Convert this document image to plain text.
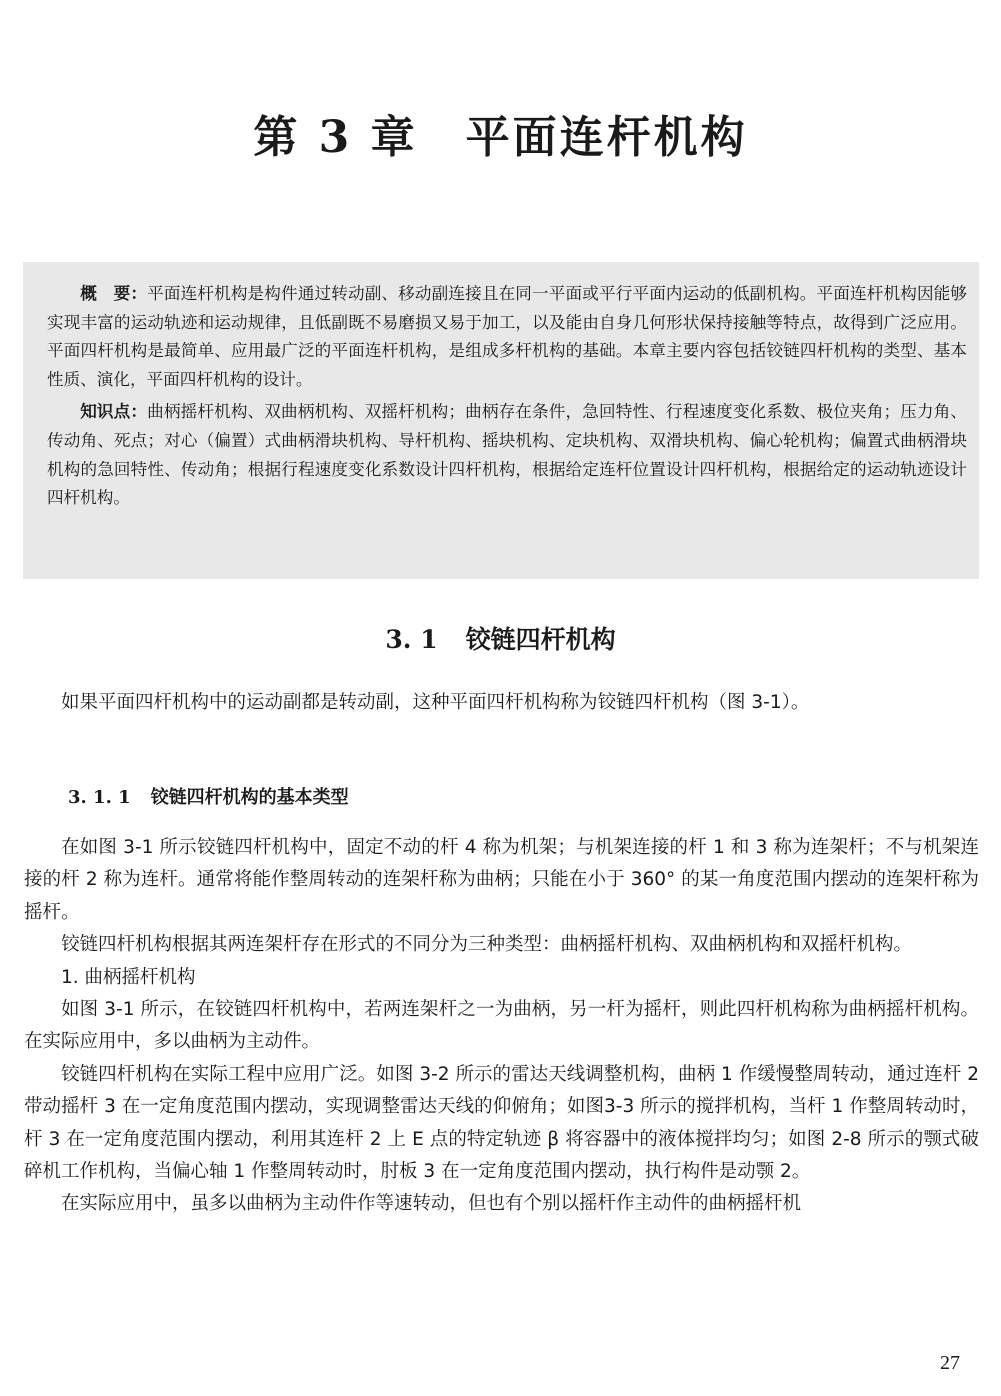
第 3 章 平面连杆机构

概　要：平面连杆机构是构件通过转动副、移动副连接且在同一平面或平行平面内运动的低副机构。平面连杆机构因能够实现丰富的运动轨迹和运动规律，且低副既不易磨损又易于加工，以及能由自身几何形状保持接触等特点，故得到广泛应用。平面四杆机构是最简单、应用最广泛的平面连杆机构，是组成多杆机构的基础。本章主要内容包括铰链四杆机构的类型、基本性质、演化，平面四杆机构的设计。

知识点：曲柄摇杆机构、双曲柄机构、双摇杆机构；曲柄存在条件，急回特性、行程速度变化系数、极位夹角；压力角、传动角、死点；对心（偏置）式曲柄滑块机构、导杆机构、摇块机构、定块机构、双滑块机构、偏心轮机构；偏置式曲柄滑块机构的急回特性、传动角；根据行程速度变化系数设计四杆机构，根据给定连杆位置设计四杆机构，根据给定的运动轨迹设计四杆机构。

3. 1 铰链四杆机构

如果平面四杆机构中的运动副都是转动副，这种平面四杆机构称为铰链四杆机构（图 3-1）。

3. 1. 1 铰链四杆机构的基本类型

在如图 3-1 所示铰链四杆机构中，固定不动的杆 4 称为机架；与机架连接的杆 1 和 3 称为连架杆；不与机架连接的杆 2 称为连杆。通常将能作整周转动的连架杆称为曲柄；只能在小于 360° 的某一角度范围内摆动的连架杆称为摇杆。

铰链四杆机构根据其两连架杆存在形式的不同分为三种类型：曲柄摇杆机构、双曲柄机构和双摇杆机构。

1. 曲柄摇杆机构

如图 3-1 所示，在铰链四杆机构中，若两连架杆之一为曲柄，另一杆为摇杆，则此四杆机构称为曲柄摇杆机构。在实际应用中，多以曲柄为主动件。

铰链四杆机构在实际工程中应用广泛。如图 3-2 所示的雷达天线调整机构，曲柄 1 作缓慢整周转动，通过连杆 2 带动摇杆 3 在一定角度范围内摆动，实现调整雷达天线的仰俯角；如图3-3 所示的搅拌机构，当杆 1 作整周转动时，杆 3 在一定角度范围内摆动，利用其连杆 2 上 E 点的特定轨迹 β 将容器中的液体搅拌均匀；如图 2-8 所示的颚式破碎机工作机构，当偏心轴 1 作整周转动时，肘板 3 在一定角度范围内摆动，执行构件是动颚 2。

在实际应用中，虽多以曲柄为主动件作等速转动，但也有个别以摇杆作主动件的曲柄摇杆机

27
